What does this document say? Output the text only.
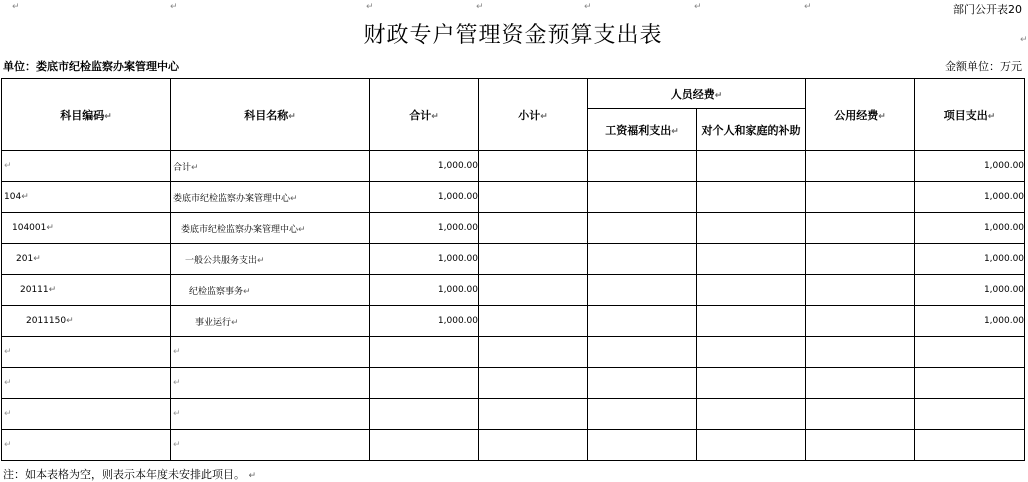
↵	↵	↵	↵	↵	↵	↵
↵
部门公开表20
财政专户管理资金预算支出表
单位：娄底市纪检监察办案管理中心	金额单位：万元
科目编码↵	科目名称↵	合计↵	小计↵	人员经费↵		公用经费↵	项目支出↵
				工资福利支出↵	对个人和家庭的补助		
↵	合计↵	1,000.00					1,000.00
104↵	娄底市纪检监察办案管理中心↵	1,000.00					1,000.00
104001↵	娄底市纪检监察办案管理中心↵	1,000.00					1,000.00
201↵	一般公共服务支出↵	1,000.00					1,000.00
20111↵	纪检监察事务↵	1,000.00					1,000.00
2011150↵	事业运行↵	1,000.00					1,000.00
↵	↵						
↵	↵						
↵	↵						
↵	↵						
注：如本表格为空，则表示本年度未安排此项目。 ↵
